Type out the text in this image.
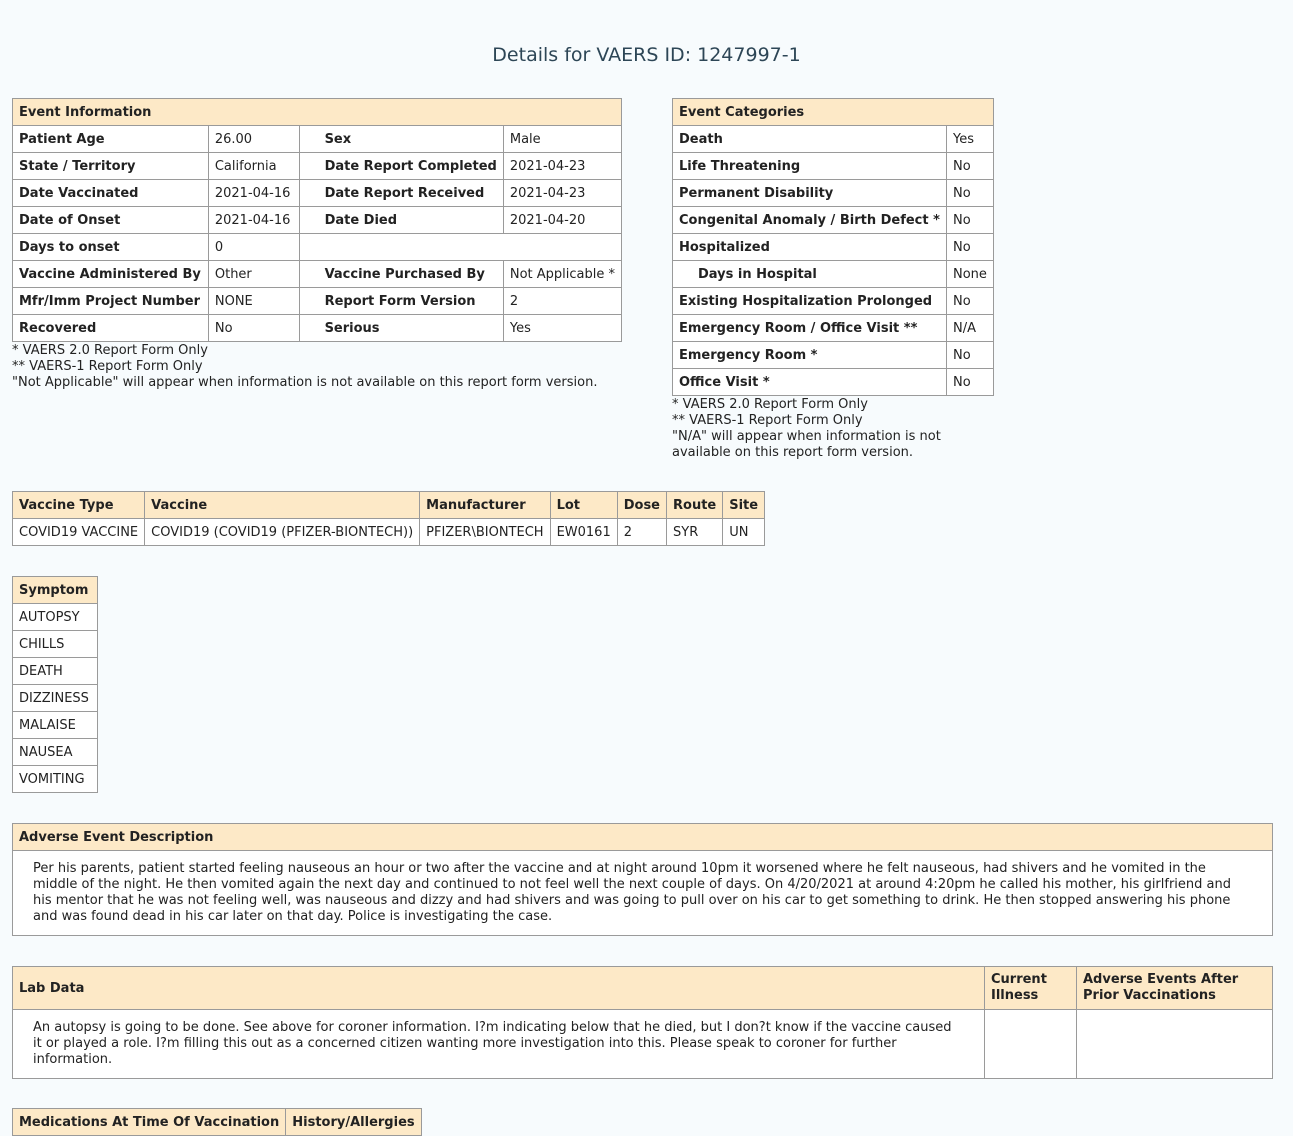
Details for VAERS ID: 1247997-1
Event Information			
Patient Age	26.00	Sex	Male
State / Territory	California	Date Report Completed	2021-04-23
Date Vaccinated	2021-04-16	Date Report Received	2021-04-23
Date of Onset	2021-04-16	Date Died	2021-04-20
Days to onset	0		
Vaccine Administered By	Other	Vaccine Purchased By	Not Applicable *
Mfr/Imm Project Number	NONE	Report Form Version	2
Recovered	No	Serious	Yes
* VAERS 2.0 Report Form Only
** VAERS-1 Report Form Only
"Not Applicable" will appear when information is not available on this report form version.
Event Categories	
Death	Yes
Life Threatening	No
Permanent Disability	No
Congenital Anomaly / Birth Defect *	No
Hospitalized	No
Days in Hospital	None
Existing Hospitalization Prolonged	No
Emergency Room / Office Visit **	N/A
Emergency Room *	No
Office Visit *	No
* VAERS 2.0 Report Form Only
** VAERS-1 Report Form Only
"N/A" will appear when information is not
available on this report form version.
Vaccine Type	Vaccine	Manufacturer	Lot	Dose	Route	Site
COVID19 VACCINE	COVID19 (COVID19 (PFIZER-BIONTECH))	PFIZER\BIONTECH	EW0161	2	SYR	UN
Symptom
AUTOPSY
CHILLS
DEATH
DIZZINESS
MALAISE
NAUSEA
VOMITING
Adverse Event Description
Per his parents, patient started feeling nauseous an hour or two after the vaccine and at night around 10pm it worsened where he felt nauseous, had shivers and he vomited in the middle of the night. He then vomited again the next day and continued to not feel well the next couple of days. On 4/20/2021 at around 4:20pm he called his mother, his girlfriend and his mentor that he was not feeling well, was nauseous and dizzy and had shivers and was going to pull over on his car to get something to drink. He then stopped answering his phone and was found dead in his car later on that day. Police is investigating the case.
Lab Data	Current Illness	Adverse Events After Prior Vaccinations
An autopsy is going to be done. See above for coroner information. I?m indicating below that he died, but I don?t know if the vaccine caused it or played a role. I?m filling this out as a concerned citizen wanting more investigation into this. Please speak to coroner for further information.		
Medications At Time Of Vaccination	History/Allergies
